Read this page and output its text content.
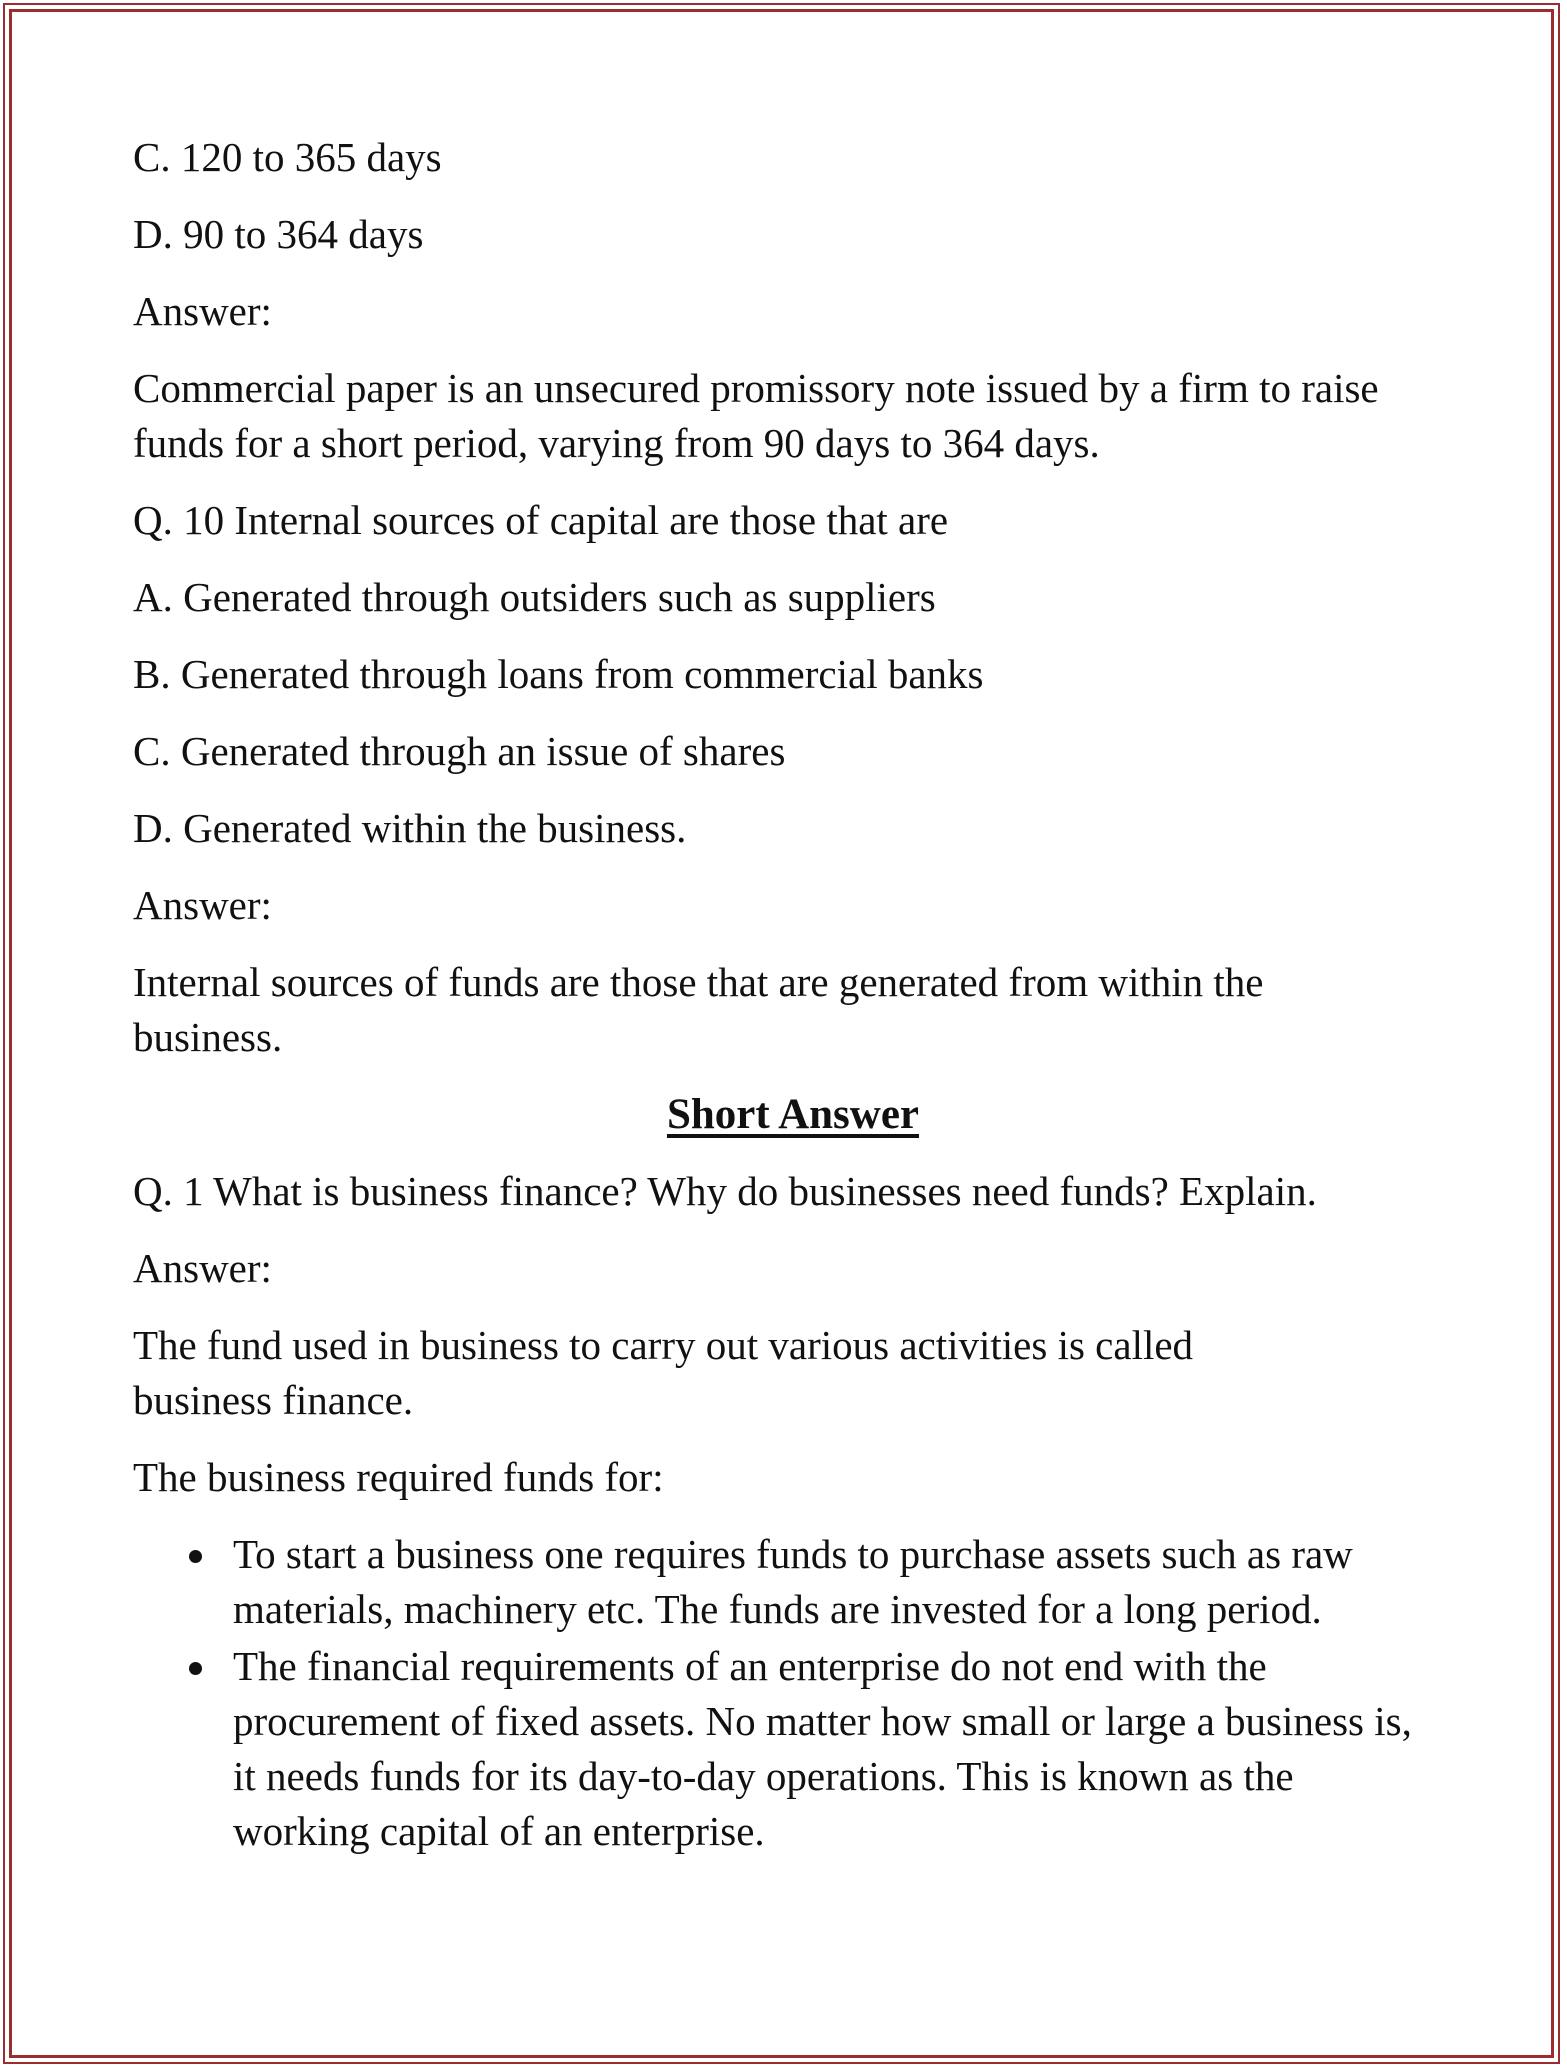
C. 120 to 365 days

D. 90 to 364 days

Answer:

Commercial paper is an unsecured promissory note issued by a firm to raise funds for a short period, varying from 90 days to 364 days.

Q. 10 Internal sources of capital are those that are

A. Generated through outsiders such as suppliers

B. Generated through loans from commercial banks

C. Generated through an issue of shares

D. Generated within the business.

Answer:

Internal sources of funds are those that are generated from within the business.

Short Answer

Q. 1 What is business finance? Why do businesses need funds? Explain.

Answer:

The fund used in business to carry out various activities is called business finance.

The business required funds for:

To start a business one requires funds to purchase assets such as raw materials, machinery etc. The funds are invested for a long period.
The financial requirements of an enterprise do not end with the procurement of fixed assets. No matter how small or large a business is, it needs funds for its day-to-day operations. This is known as the working capital of an enterprise.
